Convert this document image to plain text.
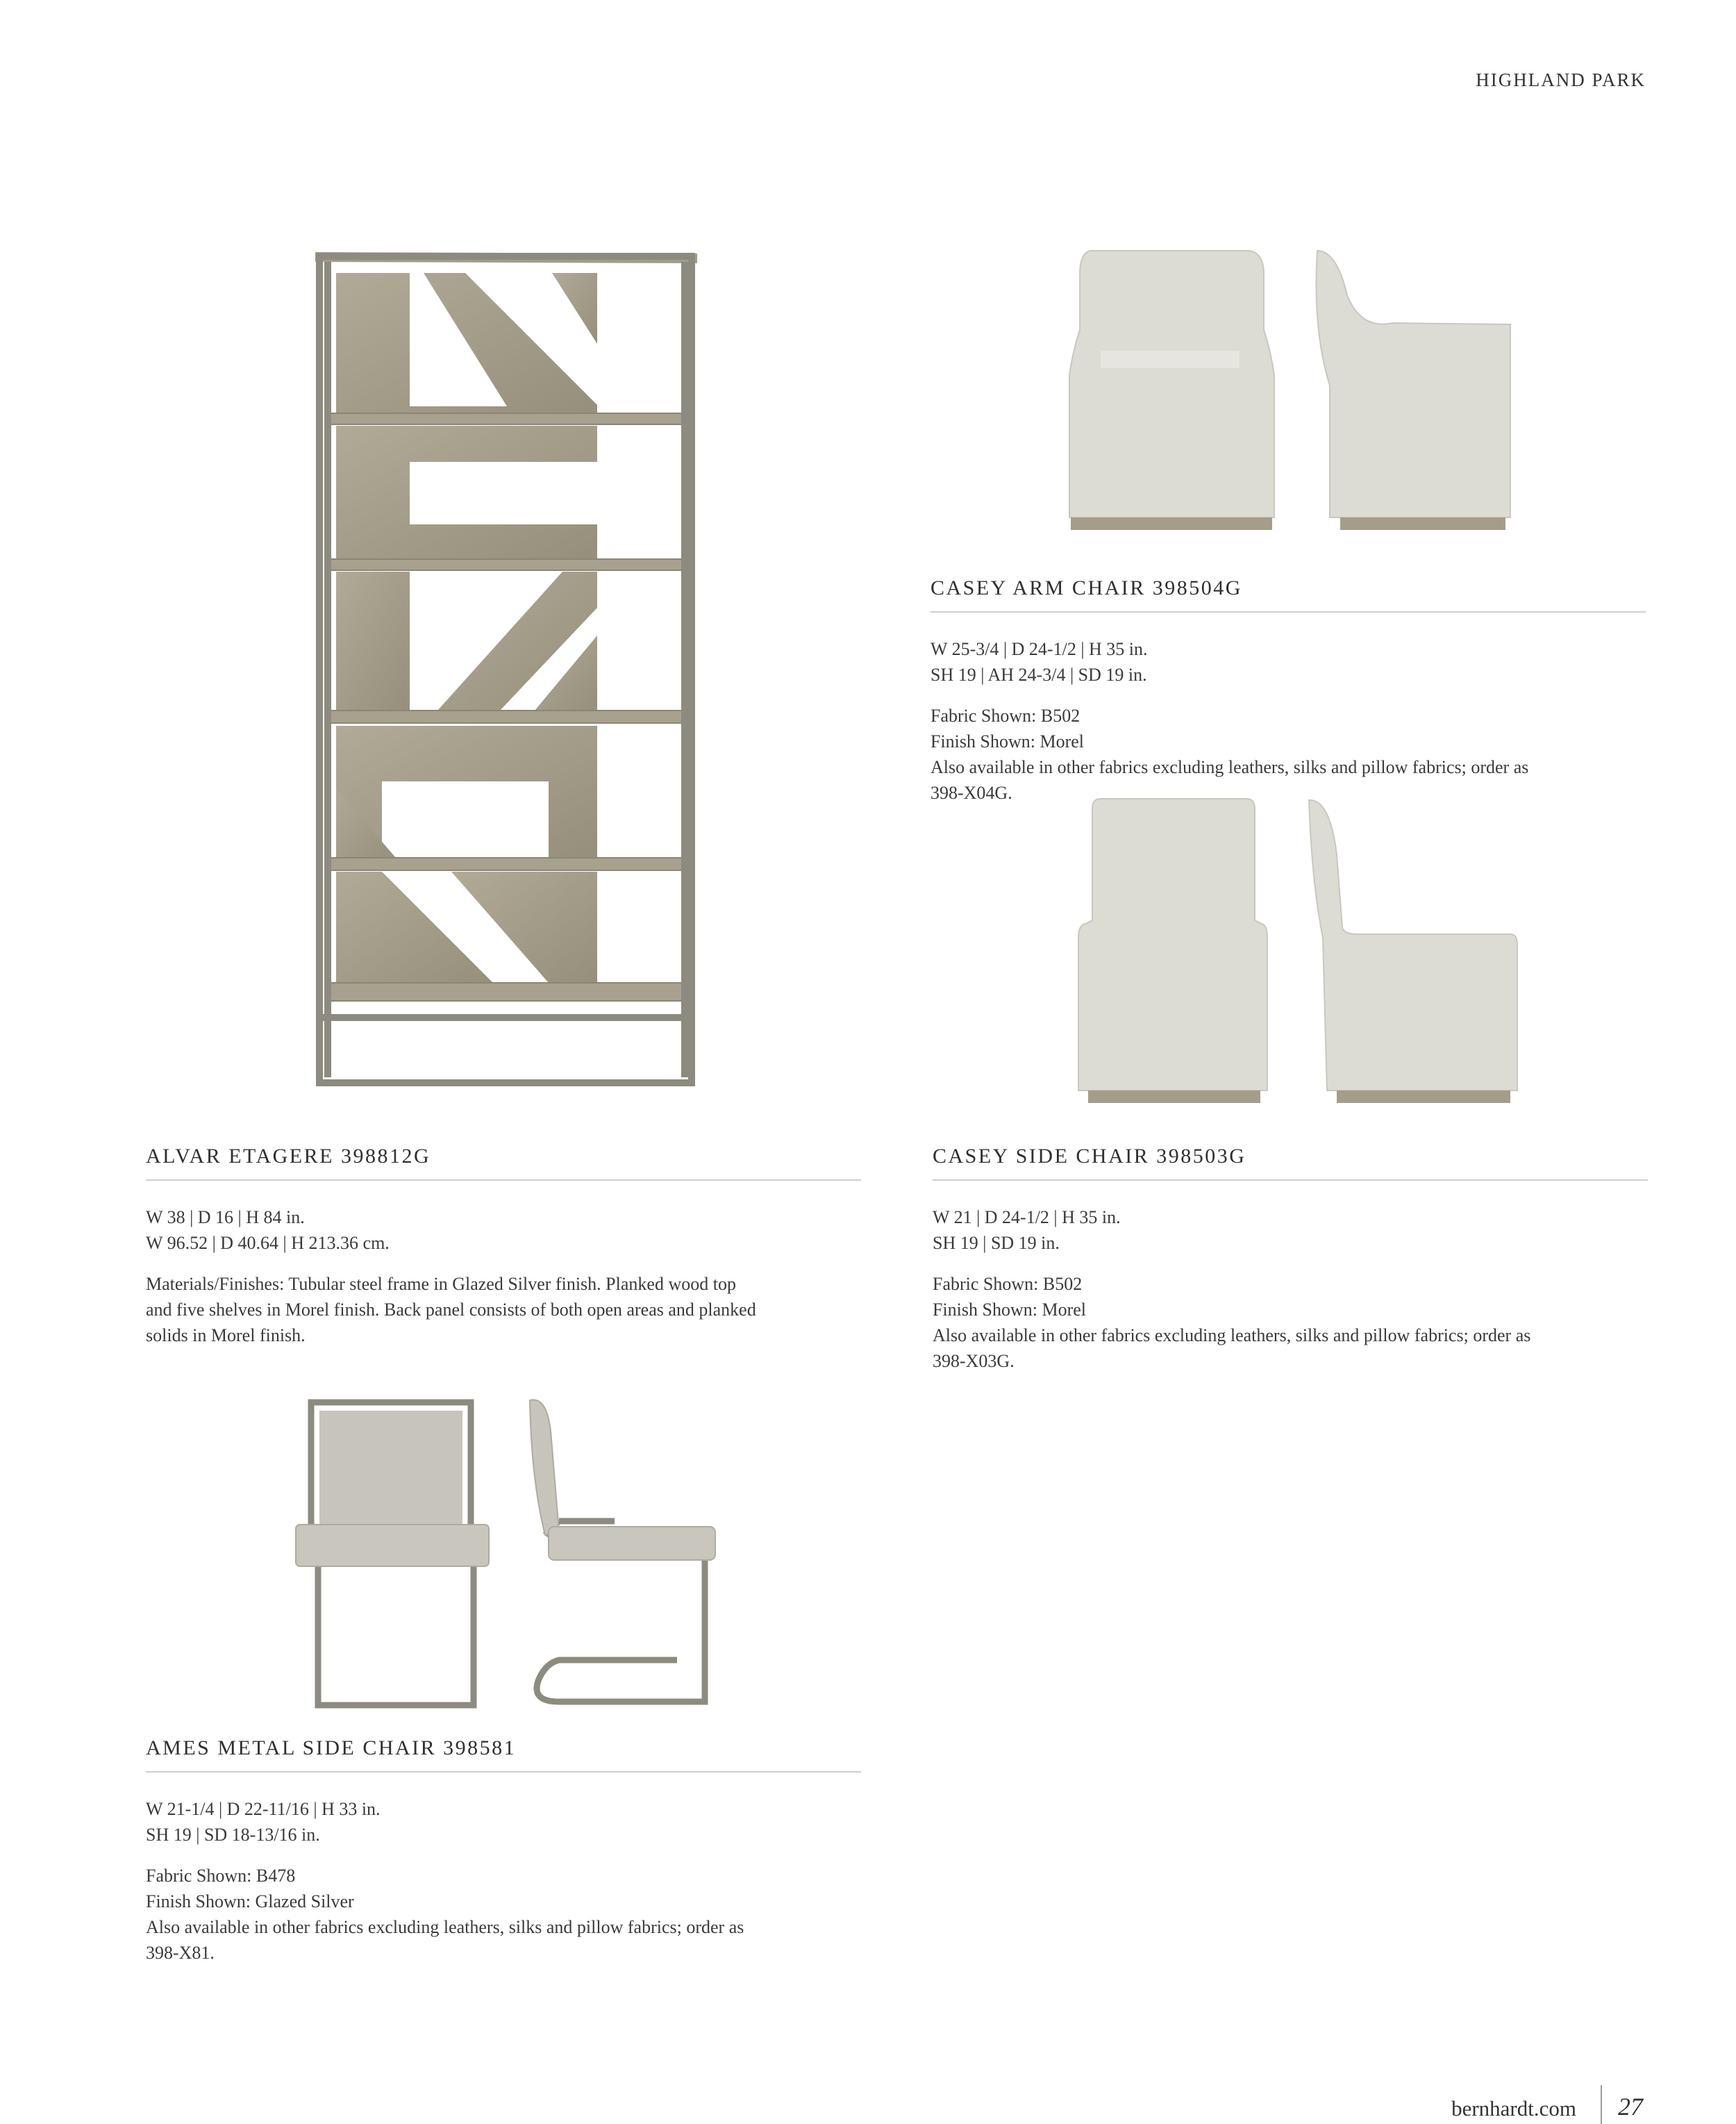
HIGHLAND PARK
CASEY ARM CHAIR 398504G
W 25-3/4 | D 24-1/2 | H 35 in.
SH 19 | AH 24-3/4 | SD 19 in.
Fabric Shown: B502
Finish Shown: Morel
Also available in other fabrics excluding leathers, silks and pillow fabrics; order as
398-X04G.
ALVAR ETAGERE 398812G
W 38 | D 16 | H 84 in.
W 96.52 | D 40.64 | H 213.36 cm.
Materials/Finishes: Tubular steel frame in Glazed Silver finish. Planked wood top
and five shelves in Morel finish. Back panel consists of both open areas and planked
solids in Morel finish.
CASEY SIDE CHAIR 398503G
W 21 | D 24-1/2 | H 35 in.
SH 19 | SD 19 in.
Fabric Shown: B502
Finish Shown: Morel
Also available in other fabrics excluding leathers, silks and pillow fabrics; order as
398-X03G.
AMES METAL SIDE CHAIR 398581
W 21-1/4 | D 22-11/16 | H 33 in.
SH 19 | SD 18-13/16 in.
Fabric Shown: B478
Finish Shown: Glazed Silver
Also available in other fabrics excluding leathers, silks and pillow fabrics; order as
398-X81.
bernhardt.com 27
